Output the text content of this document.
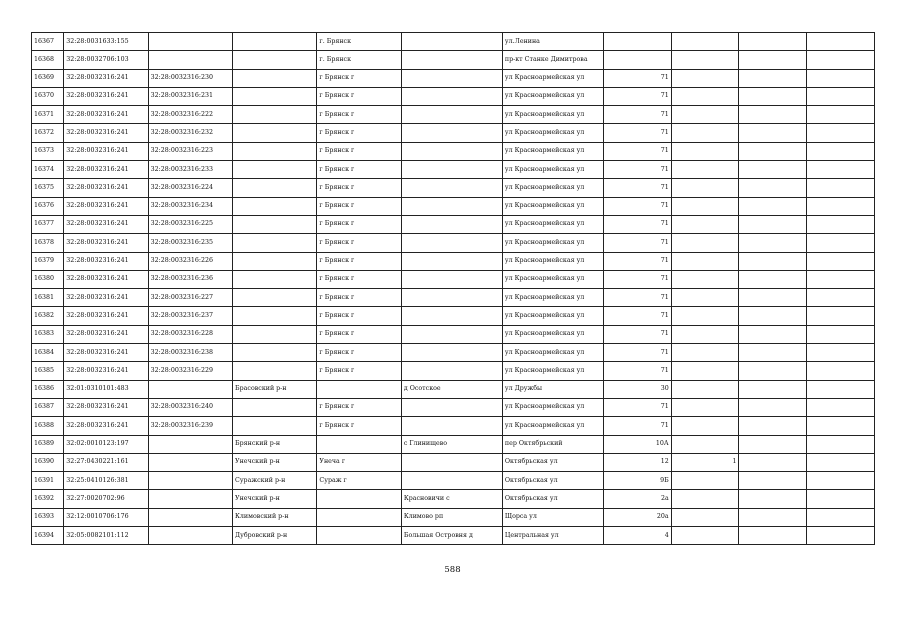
16367	32:28:0031633:155			г. Брянск		ул.Ленина				
16368	32:28:0032706:103			г. Брянск		пр-кт Станке Димитрова				
16369	32:28:0032316:241	32:28:0032316:230		г Брянск г		ул Красноармейская ул	71			
16370	32:28:0032316:241	32:28:0032316:231		г Брянск г		ул Красноармейская ул	71			
16371	32:28:0032316:241	32:28:0032316:222		г Брянск г		ул Красноармейская ул	71			
16372	32:28:0032316:241	32:28:0032316:232		г Брянск г		ул Красноармейская ул	71			
16373	32:28:0032316:241	32:28:0032316:223		г Брянск г		ул Красноармейская ул	71			
16374	32:28:0032316:241	32:28:0032316:233		г Брянск г		ул Красноармейская ул	71			
16375	32:28:0032316:241	32:28:0032316:224		г Брянск г		ул Красноармейская ул	71			
16376	32:28:0032316:241	32:28:0032316:234		г Брянск г		ул Красноармейская ул	71			
16377	32:28:0032316:241	32:28:0032316:225		г Брянск г		ул Красноармейская ул	71			
16378	32:28:0032316:241	32:28:0032316:235		г Брянск г		ул Красноармейская ул	71			
16379	32:28:0032316:241	32:28:0032316:226		г Брянск г		ул Красноармейская ул	71			
16380	32:28:0032316:241	32:28:0032316:236		г Брянск г		ул Красноармейская ул	71			
16381	32:28:0032316:241	32:28:0032316:227		г Брянск г		ул Красноармейская ул	71			
16382	32:28:0032316:241	32:28:0032316:237		г Брянск г		ул Красноармейская ул	71			
16383	32:28:0032316:241	32:28:0032316:228		г Брянск г		ул Красноармейская ул	71			
16384	32:28:0032316:241	32:28:0032316:238		г Брянск г		ул Красноармейская ул	71			
16385	32:28:0032316:241	32:28:0032316:229		г Брянск г		ул Красноармейская ул	71			
16386	32:01:0310101:483		Брасовский р-н		д Осотское	ул Дружбы	30			
16387	32:28:0032316:241	32:28:0032316:240		г Брянск г		ул Красноармейская ул	71			
16388	32:28:0032316:241	32:28:0032316:239		г Брянск г		ул Красноармейская ул	71			
16389	32:02:0010123:197		Брянский р-н		с Глинищево	пер Октябрьский	10А			
16390	32:27:0430221:161		Унечский р-н	Унеча г		Октябрьская ул	12	1		
16391	32:25:0410126:381		Суражский р-н	Сураж г		Октябрьская ул	9Б			
16392	32:27:0020702:96		Унечский р-н		Красновичи с	Октябрьская ул	2а			
16393	32:12:0010706:176		Климовский р-н		Климово рп	Щорса ул	20а			
16394	32:05:0082101:112		Дубровский р-н		Большая Островня д	Центральная ул	4			
588
